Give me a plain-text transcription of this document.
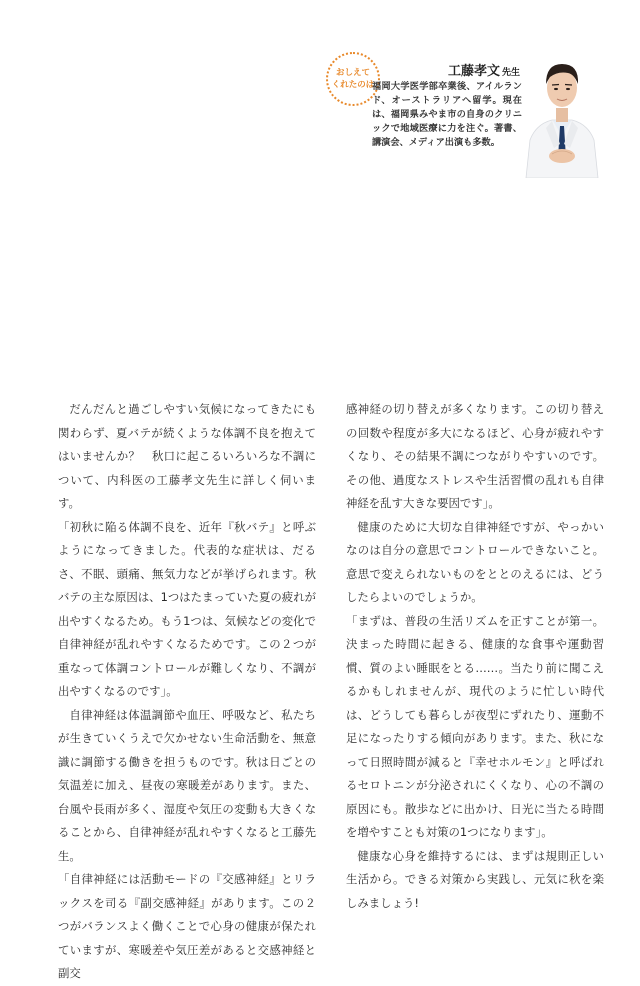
おしえて
くれたのは
工藤孝文 先生
福岡大学医学部卒業後、アイルランド、オーストラリアへ留学。現在は、福岡県みやま市の自身のクリニックで地域医療に力を注ぐ。著書、講演会、メディア出演も多数。

だんだんと過ごしやすい気候になってきたにも関わらず、夏バテが続くような体調不良を抱えてはいませんか？　秋口に起こるいろいろな不調について、内科医の工藤孝文先生に詳しく伺います。

「初秋に陥る体調不良を、近年『秋バテ』と呼ぶようになってきました。代表的な症状は、だるさ、不眠、頭痛、無気力などが挙げられます。秋バテの主な原因は、1つはたまっていた夏の疲れが出やすくなるため。もう1つは、気候などの変化で自律神経が乱れやすくなるためです。この２つが重なって体調コントロールが難しくなり、不調が出やすくなるのです」。

自律神経は体温調節や血圧、呼吸など、私たちが生きていくうえで欠かせない生命活動を、無意識に調節する働きを担うものです。秋は日ごとの気温差に加え、昼夜の寒暖差があります。また、台風や長雨が多く、湿度や気圧の変動も大きくなることから、自律神経が乱れやすくなると工藤先生。

「自律神経には活動モードの『交感神経』とリラックスを司る『副交感神経』があります。この２つがバランスよく働くことで心身の健康が保たれていますが、寒暖差や気圧差があると交感神経と副交

感神経の切り替えが多くなります。この切り替えの回数や程度が多大になるほど、心身が疲れやすくなり、その結果不調につながりやすいのです。その他、過度なストレスや生活習慣の乱れも自律神経を乱す大きな要因です」。

健康のために大切な自律神経ですが、やっかいなのは自分の意思でコントロールできないこと。意思で変えられないものをととのえるには、どうしたらよいのでしょうか。

「まずは、普段の生活リズムを正すことが第一。決まった時間に起きる、健康的な食事や運動習慣、質のよい睡眠をとる……。当たり前に聞こえるかもしれませんが、現代のように忙しい時代は、どうしても暮らしが夜型にずれたり、運動不足になったりする傾向があります。また、秋になって日照時間が減ると『幸せホルモン』と呼ばれるセロトニンが分泌されにくくなり、心の不調の原因にも。散歩などに出かけ、日光に当たる時間を増やすことも対策の1つになります」。

健康な心身を維持するには、まずは規則正しい生活から。できる対策から実践し、元気に秋を楽しみましょう!
